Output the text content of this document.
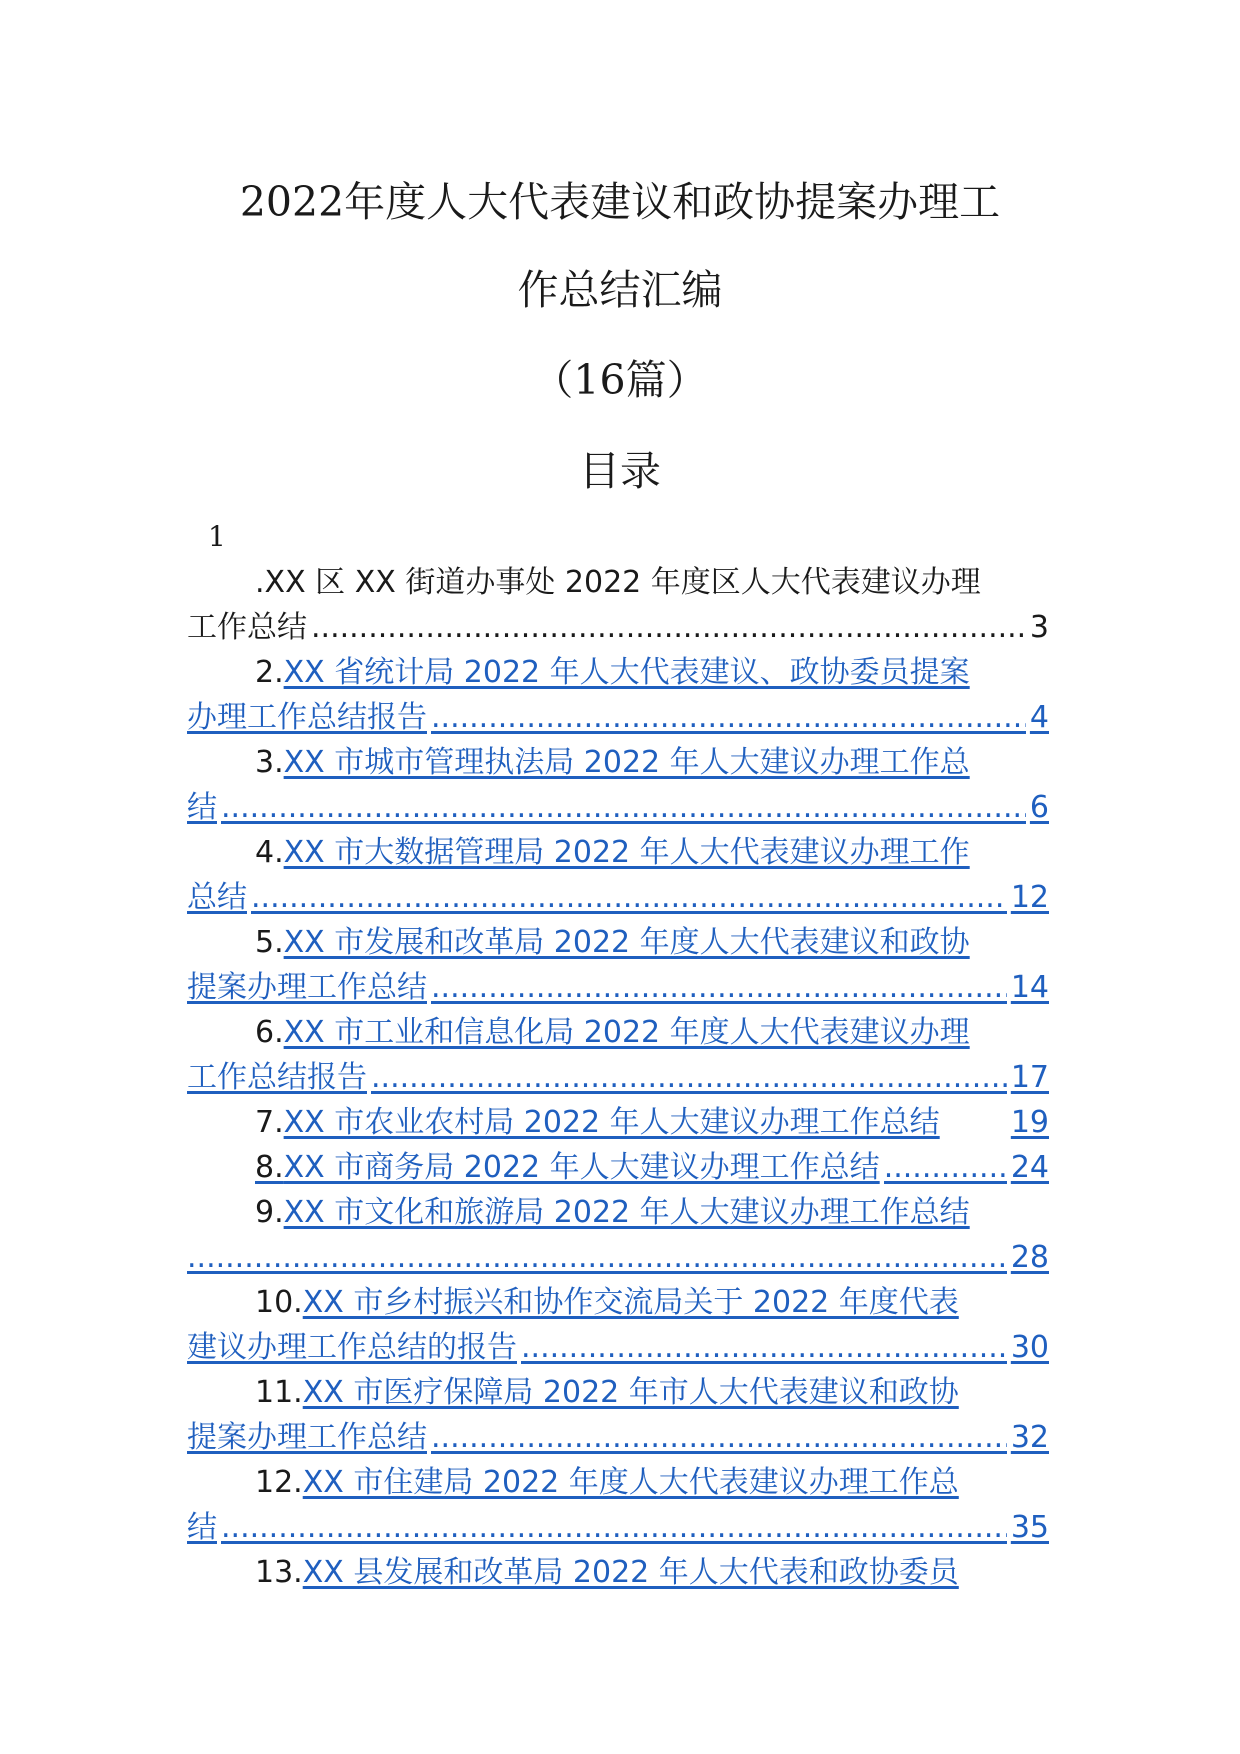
2022年度人大代表建议和政协提案办理工
作总结汇编
（16篇）
目录
1
. XX 区 XX 街道办事处 2022 年度区人大代表建议办理
工作总结 .....	3
2. XX 省统计局 2022 年人大代表建议、政协委员提案
办理工作总结报告 .....	4
3. XX 市城市管理执法局 2022 年人大建议办理工作总
结 .....	6
4. XX 市大数据管理局 2022 年人大代表建议办理工作
总结 .....	12
5. XX 市发展和改革局 2022 年度人大代表建议和政协
提案办理工作总结 .....	14
6. XX 市工业和信息化局 2022 年度人大代表建议办理
工作总结报告 .....	17
7. XX 市农业农村局 2022 年人大建议办理工作总结 19
8. XX 市商务局 2022 年人大建议办理工作总结 .....	24
9. XX 市文化和旅游局 2022 年人大建议办理工作总结
.....
28
10. XX 市乡村振兴和协作交流局关于 2022 年度代表
建议办理工作总结的报告 .....	30
11. XX 市医疗保障局 2022 年市人大代表建议和政协
提案办理工作总结 .....	32
12. XX 市住建局 2022 年度人大代表建议办理工作总
结 .....	35
13. XX 县发展和改革局 2022 年人大代表和政协委员
